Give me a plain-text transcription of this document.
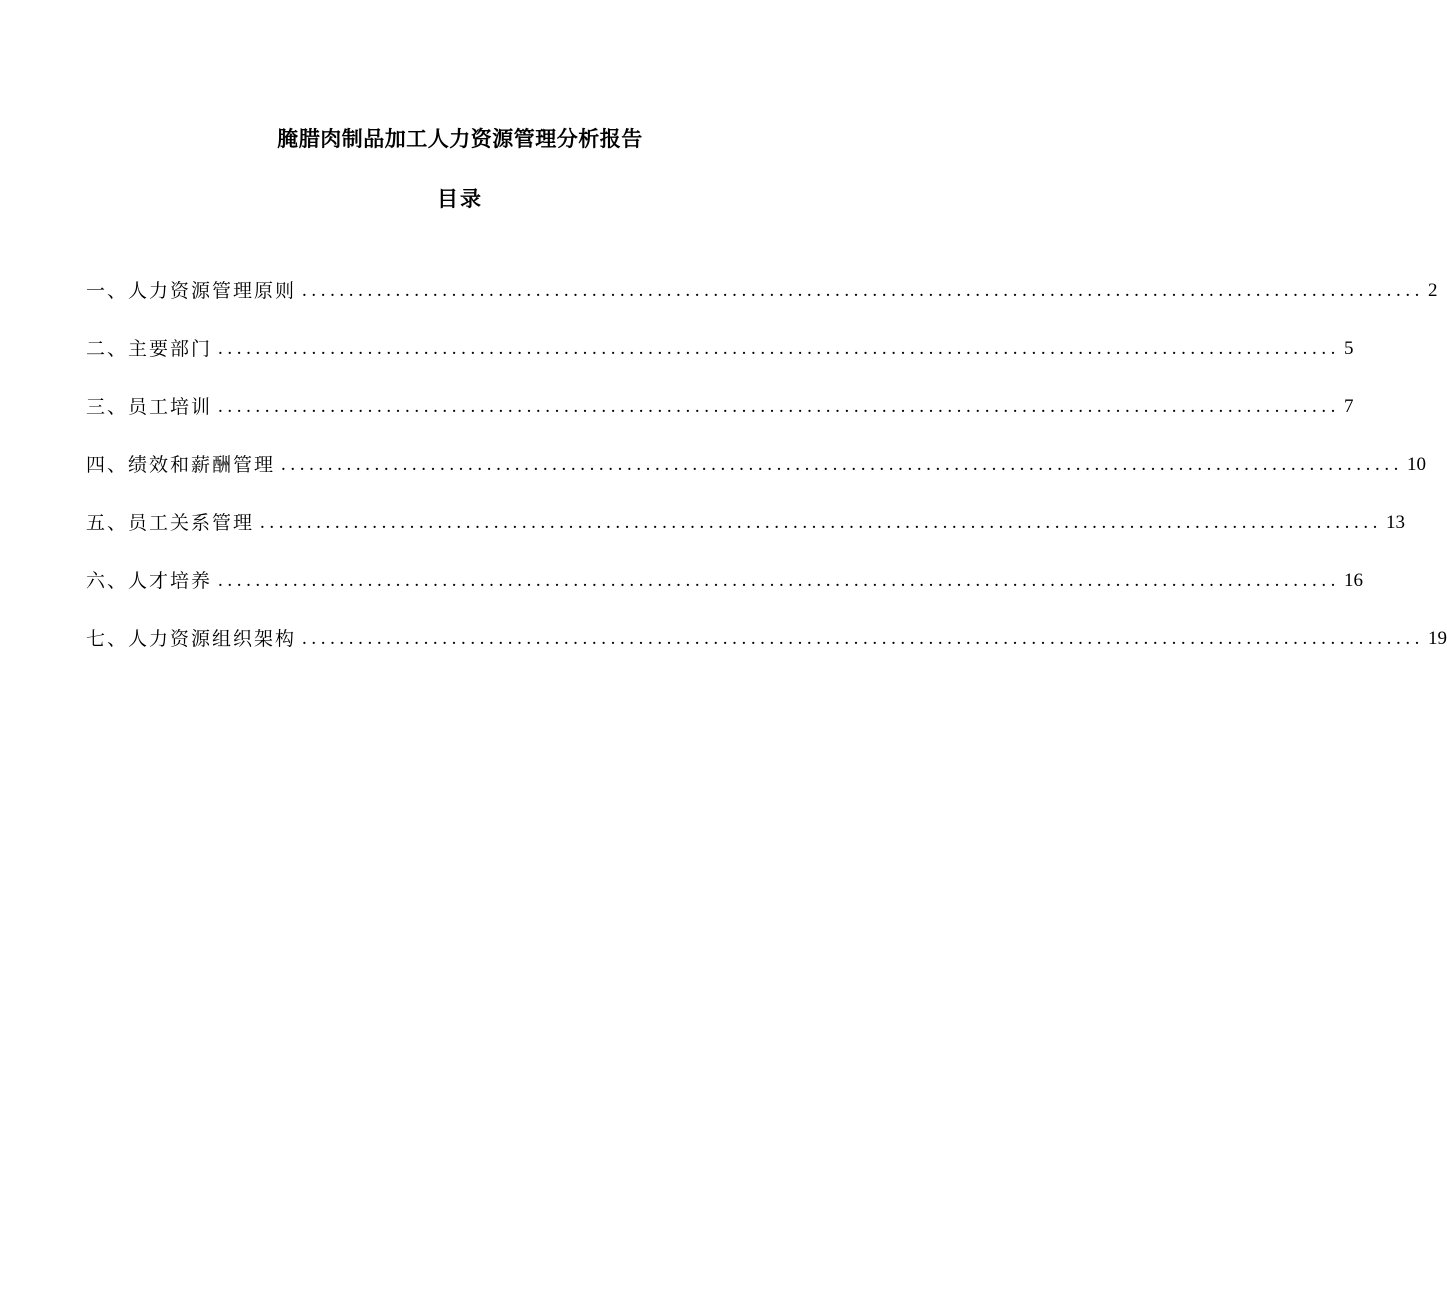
腌腊肉制品加工人力资源管理分析报告
目录
一、人力资源管理原则 ........................................................................................................................ 2
二、主要部门 ........................................................................................................................ 5
三、员工培训 ........................................................................................................................ 7
四、绩效和薪酬管理 ........................................................................................................................ 10
五、员工关系管理 ........................................................................................................................ 13
六、人才培养 ........................................................................................................................ 16
七、人力资源组织架构 ........................................................................................................................ 19
